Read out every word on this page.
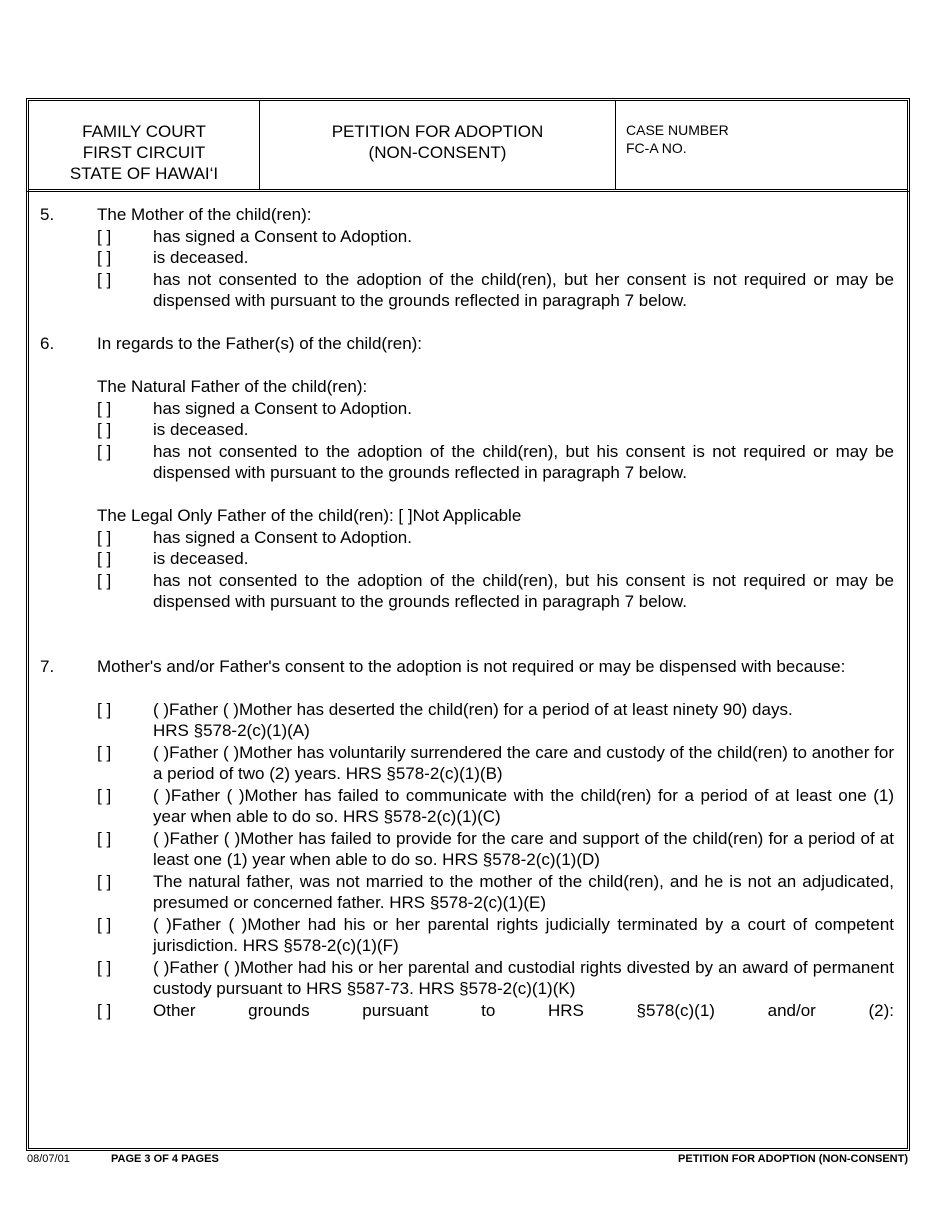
FAMILY COURT
FIRST CIRCUIT
STATE OF HAWAI‘I
PETITION FOR ADOPTION
(NON-CONSENT)
CASE NUMBER
FC-A NO.
5.	The Mother of the child(ren):
[ ]	has signed a Consent to Adoption.
[ ]	is deceased.
[ ]	has not consented to the adoption of the child(ren), but her consent is not required or may be dispensed with pursuant to the grounds reflected in paragraph 7 below.
6.	In regards to the Father(s) of the child(ren):
The Natural Father of the child(ren):
[ ]	has signed a Consent to Adoption.
[ ]	is deceased.
[ ]	has not consented to the adoption of the child(ren), but his consent is not required or may be dispensed with pursuant to the grounds reflected in paragraph 7 below.
The Legal Only Father of the child(ren): [ ]Not Applicable
[ ]	has signed a Consent to Adoption.
[ ]	is deceased.
[ ]	has not consented to the adoption of the child(ren), but his consent is not required or may be dispensed with pursuant to the grounds reflected in paragraph 7 below.
7.	Mother's and/or Father's consent to the adoption is not required or may be dispensed with because:
[ ]	( )Father ( )Mother has deserted the child(ren) for a period of at least ninety 90) days.
HRS §578-2(c)(1)(A)
[ ]	( )Father ( )Mother has voluntarily surrendered the care and custody of the child(ren) to another for a period of two (2) years. HRS §578-2(c)(1)(B)
[ ]	( )Father ( )Mother has failed to communicate with the child(ren) for a period of at least one (1) year when able to do so. HRS §578-2(c)(1)(C)
[ ]	( )Father ( )Mother has failed to provide for the care and support of the child(ren) for a period of at least one (1) year when able to do so. HRS §578-2(c)(1)(D)
[ ]	The natural father, was not married to the mother of the child(ren), and he is not an adjudicated, presumed or concerned father. HRS §578-2(c)(1)(E)
[ ]	( )Father ( )Mother had his or her parental rights judicially terminated by a court of competent jurisdiction. HRS §578-2(c)(1)(F)
[ ]	( )Father ( )Mother had his or her parental and custodial rights divested by an award of permanent custody pursuant to HRS §587-73. HRS §578-2(c)(1)(K)
[ ]	Other grounds pursuant to HRS §578(c)(1) and/or (2):
08/07/01	PAGE 3 OF 4 PAGES	PETITION FOR ADOPTION (NON-CONSENT)
